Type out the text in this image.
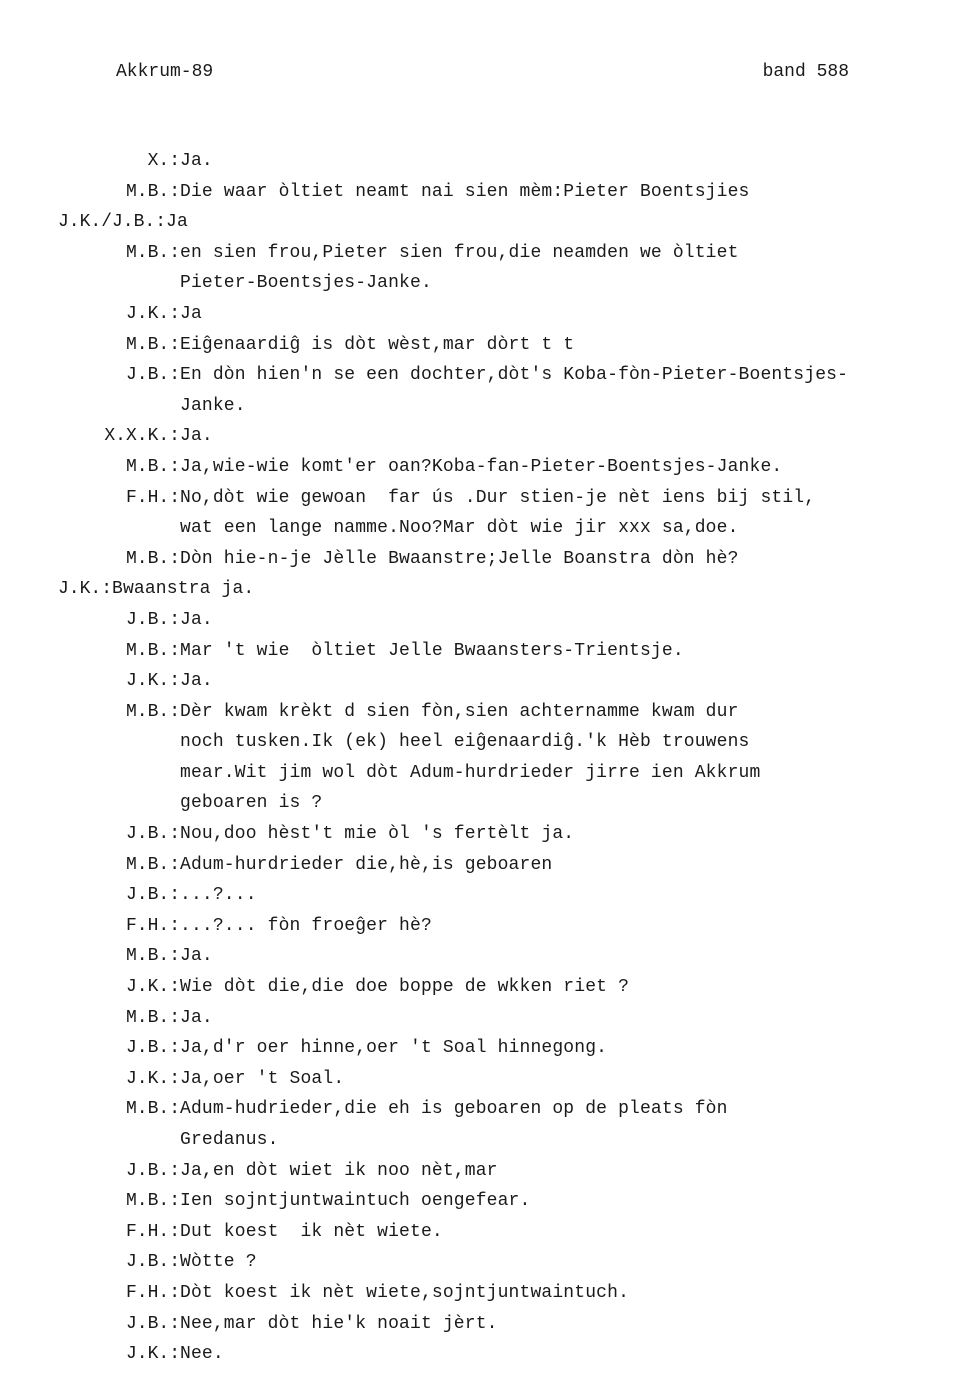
Akkrum-89	band 588
X.: Ja.
M.B.: Die waar òltiet neamt nai sien mèm:Pieter Boentsjies
J.K./J.B.: Ja
M.B.: en sien frou,Pieter sien frou,die neamden we òltiet
Pieter-Boentsjes-Janke.
J.K.: Ja
M.B.: Eiĝenaardiĝ is dòt wèst,mar dòrt t t
J.B.: En dòn hien'n se een dochter,dòt's Koba-fòn-Pieter-Boentsjes-
Janke.
X.X.K.: Ja.
M.B.: Ja,wie-wie komt'er oan?Koba-fan-Pieter-Boentsjes-Janke.
F.H.: No,dòt wie gewoan  far ús .Dur stien-je nèt iens bij stil,
wat een lange namme.Noo?Mar dòt wie jir xxx sa,doe.
M.B.: Dòn hie-n-je Jèlle Bwaanstre;Jelle Boanstra dòn hè?
J.K.: Bwaanstra ja.
J.B.: Ja.
M.B.: Mar 't wie  òltiet Jelle Bwaansters-Trientsje.
J.K.: Ja.
M.B.: Dèr kwam krèkt d sien fòn,sien achternamme kwam dur
noch tusken.Ik (ek) heel eiĝenaardiĝ.'k Hèb trouwens
mear.Wit jim wol dòt Adum-hurdrieder jirre ien Akkrum
geboaren is ?
J.B.: Nou,doo hèst't mie òl 's fertèlt ja.
M.B.: Adum-hurdrieder die,hè,is geboaren
J.B.: ...?...
F.H.: ...?... fòn froeĝer hè?
M.B.: Ja.
J.K.: Wie dòt die,die doe boppe de wkken riet ?
M.B.: Ja.
J.B.: Ja,d'r oer hinne,oer 't Soal hinnegong.
J.K.: Ja,oer 't Soal.
M.B.: Adum-hudrieder,die eh is geboaren op de pleats fòn
Gredanus.
J.B.: Ja,en dòt wiet ik noo nèt,mar
M.B.: Ien sojntjuntwaintuch oengefear.
F.H.: Dut koest  ik nèt wiete.
J.B.: Wòtte ?
F.H.: Dòt koest ik nèt wiete,sojntjuntwaintuch.
J.B.: Nee,mar dòt hie'k noait jèrt.
J.K.: Nee.
